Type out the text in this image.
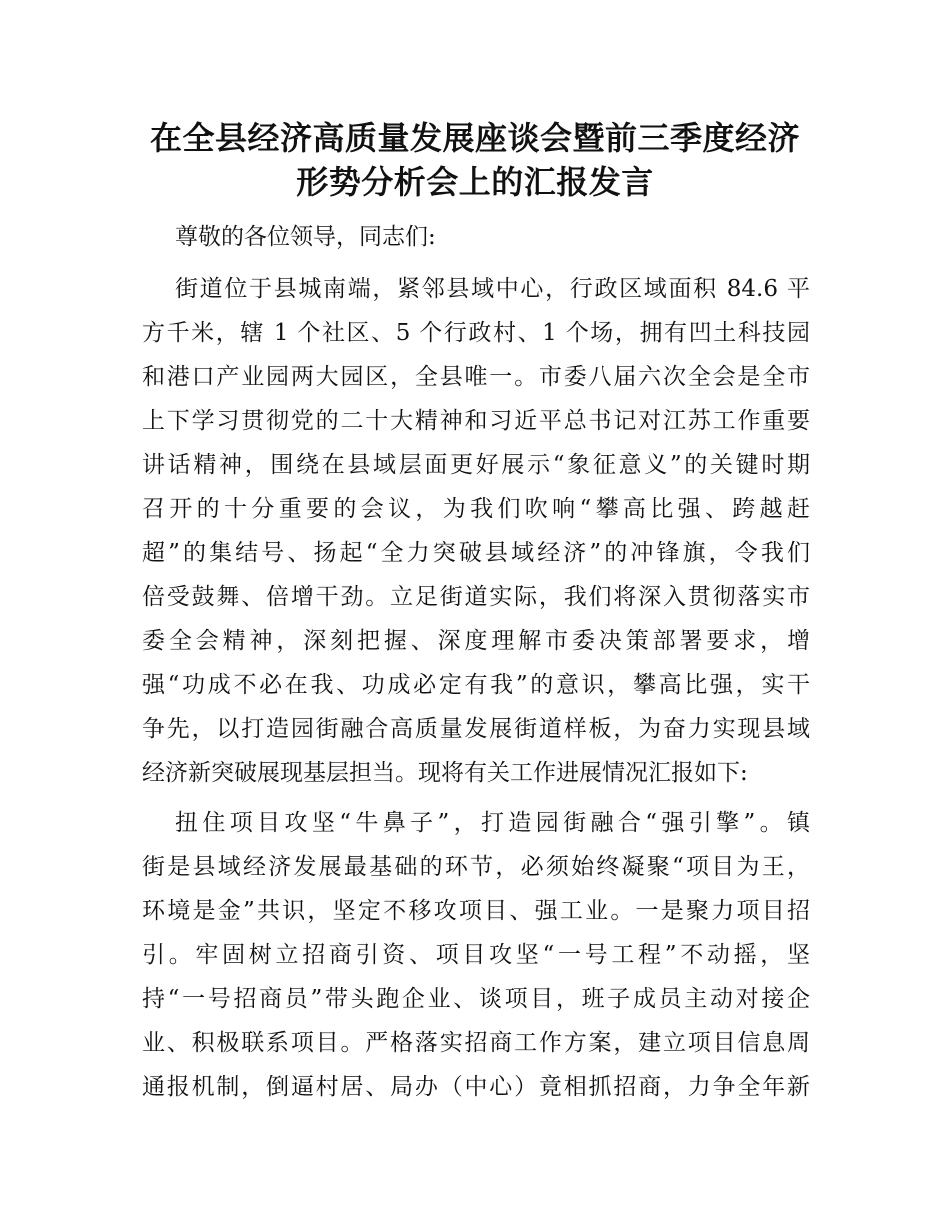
在全县经济高质量发展座谈会暨前三季度经济
形势分析会上的汇报发言
尊敬的各位领导，同志们:
街道位于县城南端，紧邻县域中心，行政区域面积 84.6 平
方千米，辖 1 个社区、5 个行政村、1 个场，拥有凹土科技园
和港口产业园两大园区，全县唯一。市委八届六次全会是全市
上下学习贯彻党的二十大精神和习近平总书记对江苏工作重要
讲话精神，围绕在县域层面更好展示“象征意义”的关键时期
召开的十分重要的会议，为我们吹响“攀高比强、跨越赶
超”的集结号、扬起“全力突破县域经济”的冲锋旗，令我们
倍受鼓舞、倍增干劲。立足街道实际，我们将深入贯彻落实市
委全会精神，深刻把握、深度理解市委决策部署要求，增
强“功成不必在我、功成必定有我”的意识，攀高比强，实干
争先，以打造园街融合高质量发展街道样板，为奋力实现县域
经济新突破展现基层担当。现将有关工作进展情况汇报如下:
扭住项目攻坚“牛鼻子”，打造园街融合“强引擎”。镇
街是县域经济发展最基础的环节，必须始终凝聚“项目为王，
环境是金”共识，坚定不移攻项目、强工业。一是聚力项目招
引。牢固树立招商引资、项目攻坚“一号工程”不动摇，坚
持“一号招商员”带头跑企业、谈项目，班子成员主动对接企
业、积极联系项目。严格落实招商工作方案，建立项目信息周
通报机制，倒逼村居、局办（中心）竟相抓招商，力争全年新
